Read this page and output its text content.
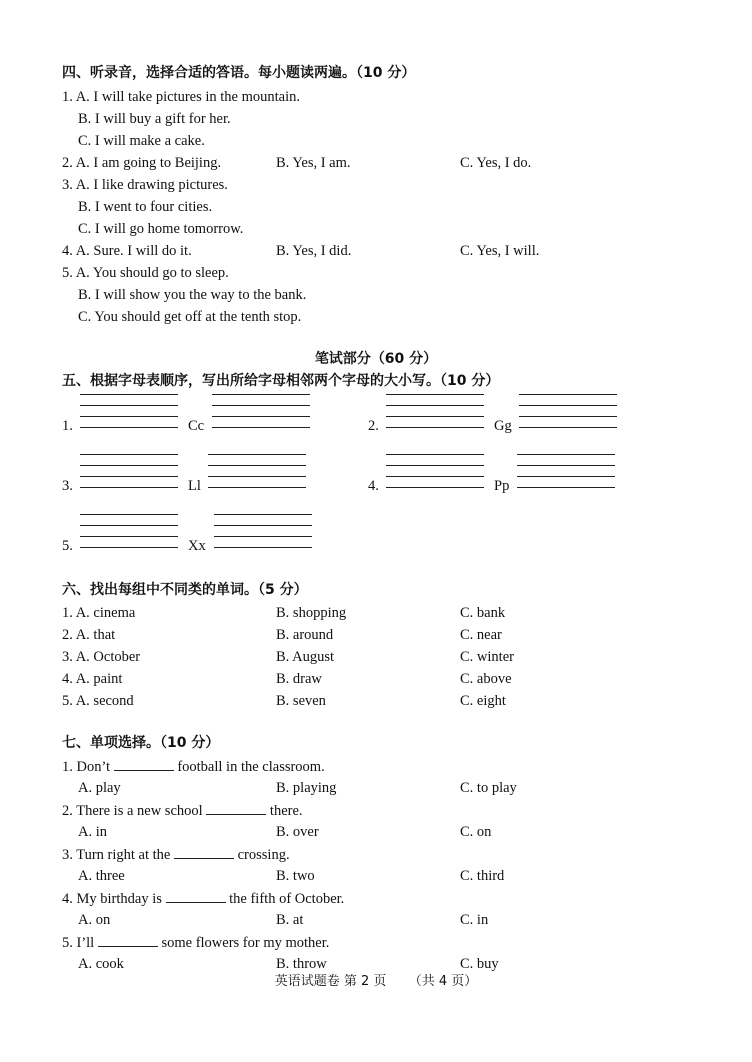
四、听录音，选择合适的答语。每小题读两遍。（10 分）
1. A. I will take pictures in the mountain.
B. I will buy a gift for her.
C. I will make a cake.
2. A. I am going to Beijing.	B. Yes, I am.	C. Yes, I do.
3. A. I like drawing pictures.
B. I went to four cities.
C. I will go home tomorrow.
4. A. Sure. I will do it.	B. Yes, I did.	C. Yes, I will.
5. A. You should go to sleep.
B. I will show you the way to the bank.
C. You should get off at the tenth stop.
笔试部分（60 分）
五、根据字母表顺序，写出所给字母相邻两个字母的大小写。（10 分）
1.	Cc	2.	Gg
3.	Ll	4.	Pp
5.	Xx
六、找出每组中不同类的单词。（5 分）
1. A. cinema	B. shopping	C. bank
2. A. that	B. around	C. near
3. A. October	B. August	C. winter
4. A. paint	B. draw	C. above
5. A. second	B. seven	C. eight
七、单项选择。（10 分）
1. Don’t	football in the classroom.
A. play	B. playing	C. to play
2. There is a new school	there.
A. in	B. over	C. on
3. Turn right at the	crossing.
A. three	B. two	C. third
4. My birthday is	the fifth of October.
A. on	B. at	C. in
5. I’ll	some flowers for my mother.
A. cook	B. throw	C. buy
英语试题卷 第 2 页 （共 4 页）
